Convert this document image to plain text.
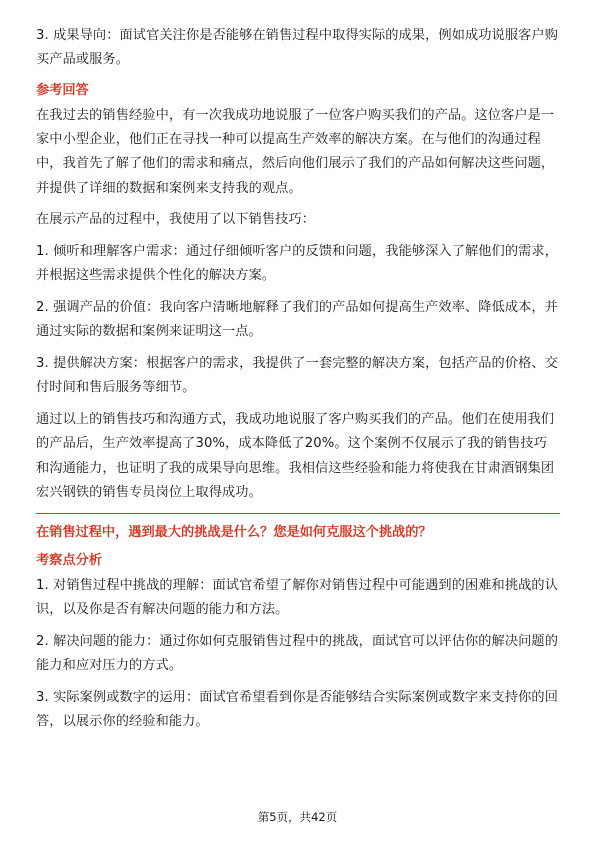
3. 成果导向：面试官关注你是否能够在销售过程中取得实际的成果，例如成功说服客户购买产品或服务。

参考回答

在我过去的销售经验中，有一次我成功地说服了一位客户购买我们的产品。这位客户是一家中小型企业，他们正在寻找一种可以提高生产效率的解决方案。在与他们的沟通过程中，我首先了解了他们的需求和痛点，然后向他们展示了我们的产品如何解决这些问题，并提供了详细的数据和案例来支持我的观点。

在展示产品的过程中，我使用了以下销售技巧：

1. 倾听和理解客户需求：通过仔细倾听客户的反馈和问题，我能够深入了解他们的需求，并根据这些需求提供个性化的解决方案。

2. 强调产品的价值：我向客户清晰地解释了我们的产品如何提高生产效率、降低成本，并通过实际的数据和案例来证明这一点。

3. 提供解决方案：根据客户的需求，我提供了一套完整的解决方案，包括产品的价格、交付时间和售后服务等细节。

通过以上的销售技巧和沟通方式，我成功地说服了客户购买我们的产品。他们在使用我们的产品后，生产效率提高了30%，成本降低了20%。这个案例不仅展示了我的销售技巧和沟通能力，也证明了我的成果导向思维。我相信这些经验和能力将使我在甘肃酒钢集团宏兴钢铁的销售专员岗位上取得成功。

在销售过程中，遇到最大的挑战是什么？您是如何克服这个挑战的？
考察点分析

1. 对销售过程中挑战的理解：面试官希望了解你对销售过程中可能遇到的困难和挑战的认识，以及你是否有解决问题的能力和方法。

2. 解决问题的能力：通过你如何克服销售过程中的挑战，面试官可以评估你的解决问题的能力和应对压力的方式。

3. 实际案例或数字的运用：面试官希望看到你是否能够结合实际案例或数字来支持你的回答，以展示你的经验和能力。

第5页，共42页
